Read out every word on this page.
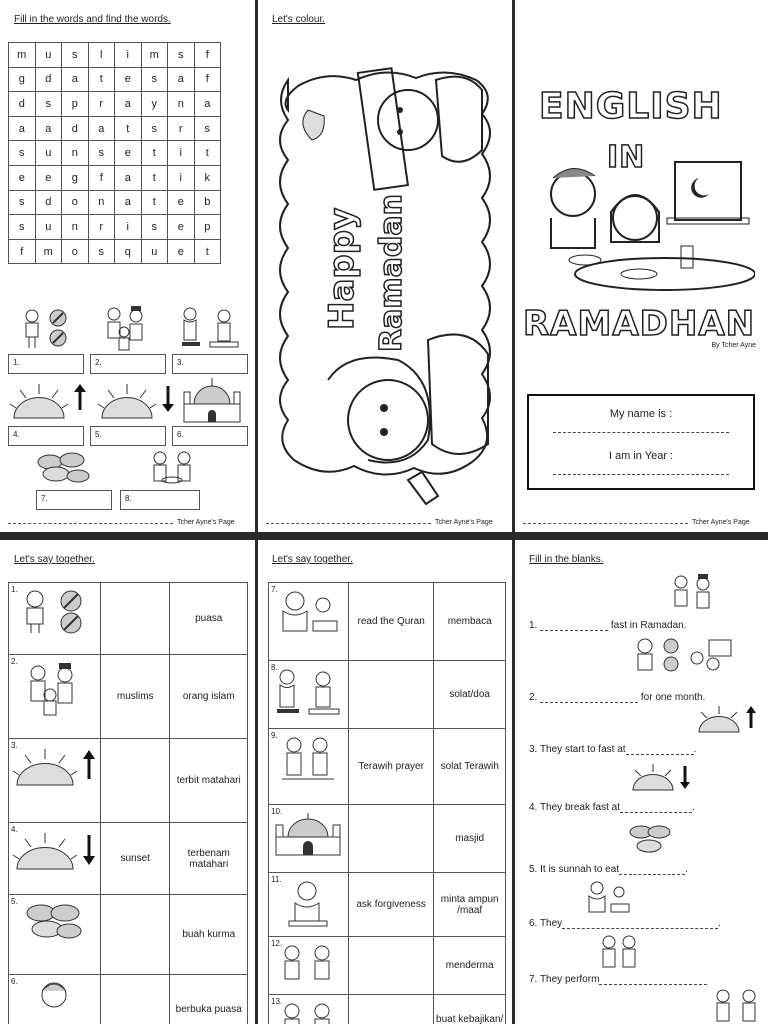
Fill in the words and find the words.
m	u	s	l	i	m	s	f
g	d	a	t	e	s	a	f
d	s	p	r	a	y	n	a
a	a	d	a	t	s	r	s
s	u	n	s	e	t	i	t
e	e	g	f	a	t	i	k
s	d	o	n	a	t	e	b
s	u	n	r	i	s	e	p
f	m	o	s	q	u	e	t
1.	2.	3.
4.	5.	6.
7.	8.
Tcher Ayne's Page
Let's colour.
Happy Ramadan
Tcher Ayne's Page
ENGLISH
IN
RAMADHAN
By Tcher Ayne
My name is :
I am in Year :
Tcher Ayne's Page
Let's say together.
1.		puasa

2.	muslims	orang islam

3.		terbit matahari

4.	sunset	terbenam matahari

5.		buah kurma

6.		berbuka puasa
Let's say together.
7.	read the Quran	membaca

8.		solat/doa

9.	Terawih prayer	solat Terawih

10.		masjid

11.	ask forgiveness	minta ampun /maaf

12.		menderma

13.		buat kebajikan/
Fill in the blanks.
1.	fast in Ramadan.
2.	for one month.
3. They start to fast at	.
4. They break fast at	.
5. It is sunnah to eat	.
6. They	.
7. They perform
